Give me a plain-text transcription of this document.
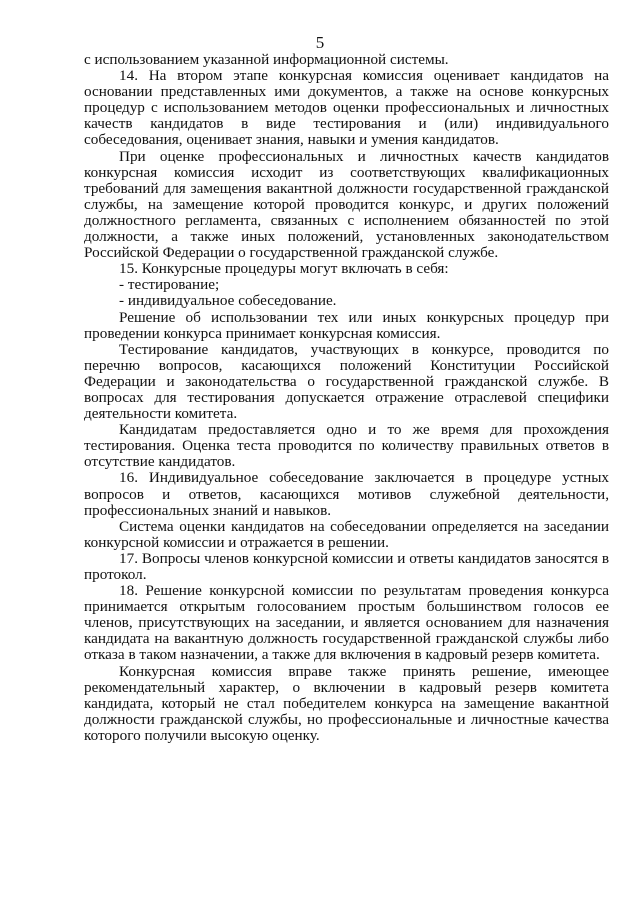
5

с использованием указанной информационной системы.

14. На втором этапе конкурсная комиссия оценивает кандидатов на основании представленных ими документов, а также на основе конкурсных процедур с использованием методов оценки профессиональных и личностных качеств кандидатов в виде тестирования и (или) индивидуального собеседования, оценивает знания, навыки и умения кандидатов.

При оценке профессиональных и личностных качеств кандидатов конкурсная комиссия исходит из соответствующих квалификационных требований для замещения вакантной должности государственной гражданской службы, на замещение которой проводится конкурс, и других положений должностного регламента, связанных с исполнением обязанностей по этой должности, а также иных положений, установленных законодательством Российской Федерации о государственной гражданской службе.

15. Конкурсные процедуры могут включать в себя:

- тестирование;

- индивидуальное собеседование.

Решение об использовании тех или иных конкурсных процедур при проведении конкурса принимает конкурсная комиссия.

Тестирование кандидатов, участвующих в конкурсе, проводится по перечню вопросов, касающихся положений Конституции Российской Федерации и законодательства о государственной гражданской службе. В вопросах для тестирования допускается отражение отраслевой специфики деятельности комитета.

Кандидатам предоставляется одно и то же время для прохождения тестирования. Оценка теста проводится по количеству правильных ответов в отсутствие кандидатов.

16. Индивидуальное собеседование заключается в процедуре устных вопросов и ответов, касающихся мотивов служебной деятельности, профессиональных знаний и навыков.

Система оценки кандидатов на собеседовании определяется на заседании конкурсной комиссии и отражается в решении.

17. Вопросы членов конкурсной комиссии и ответы кандидатов заносятся в протокол.

18. Решение конкурсной комиссии по результатам проведения конкурса принимается открытым голосованием простым большинством голосов ее членов, присутствующих на заседании, и является основанием для назначения кандидата на вакантную должность государственной гражданской службы либо отказа в таком назначении, а также для включения в кадровый резерв комитета.

Конкурсная комиссия вправе также принять решение, имеющее рекомендательный характер, о включении в кадровый резерв комитета кандидата, который не стал победителем конкурса на замещение вакантной должности гражданской службы, но профессиональные и личностные качества которого получили высокую оценку.
